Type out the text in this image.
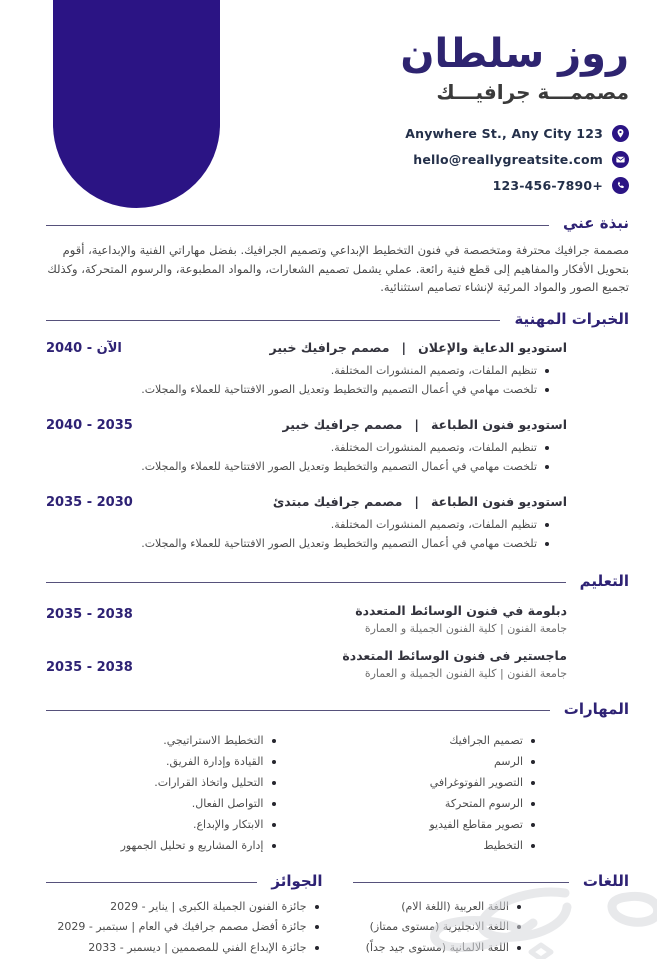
روز سلطان
مصممـــة جرافيـــك
Anywhere St., Any City 123
hello@reallygreatsite.com
123-456-7890+
نبذة عني

مصممة جرافيك محترفة ومتخصصة في فنون التخطيط الإبداعي وتصميم الجرافيك. بفضل مهاراتي الفنية والإبداعية، أقوم بتحويل الأفكار والمفاهيم إلى قطع فنية رائعة. عملي يشمل تصميم الشعارات، والمواد المطبوعة، والرسوم المتحركة، وكذلك تجميع الصور والمواد المرئية لإنشاء تصاميم استثنائية.

الخبرات المهنية
استوديو الدعاية والإعلان|مصمم جرافيك خبير
2040 - الآن
تنظيم الملفات، وتصميم المنشورات المختلفة.
تلخصت مهامي في أعمال التصميم والتخطيط وتعديل الصور الافتتاحية للعملاء والمجلات.
استوديو فنون الطباعة|مصمم جرافيك خبير
2040 - 2035
تنظيم الملفات، وتصميم المنشورات المختلفة.
تلخصت مهامي في أعمال التصميم والتخطيط وتعديل الصور الافتتاحية للعملاء والمجلات.
استوديو فنون الطباعة|مصمم جرافيك مبتدئ
2035 - 2030
تنظيم الملفات، وتصميم المنشورات المختلفة.
تلخصت مهامي في أعمال التصميم والتخطيط وتعديل الصور الافتتاحية للعملاء والمجلات.
التعليم
دبلومة في فنون الوسائط المتعددة
جامعة الفنون | كلية الفنون الجميلة و العمارة
2035 - 2038
ماجستير فى فنون الوسائط المتعددة
جامعة الفنون | كلية الفنون الجميلة و العمارة
2035 - 2038
المهارات
تصميم الجرافيك
الرسم
التصوير الفوتوغرافي
الرسوم المتحركة
تصوير مقاطع الفيديو
التخطيط
التخطيط الاستراتيجي.
القيادة وإدارة الفريق.
التحليل واتخاذ القرارات.
التواصل الفعال.
الابتكار والإبداع.
إدارة المشاريع و تحليل الجمهور
اللغات
اللغة العربية (اللغة الام)
اللغة الانجليزية (مستوى ممتاز)
اللغة الالمانية (مستوى جيد جداً)
الجوائز
جائزة الفنون الجميلة الكبرى | يناير - 2029
جائزة أفضل مصمم جرافيك في العام | سبتمبر - 2029
جائزة الإبداع الفني للمصممين | ديسمبر - 2033
